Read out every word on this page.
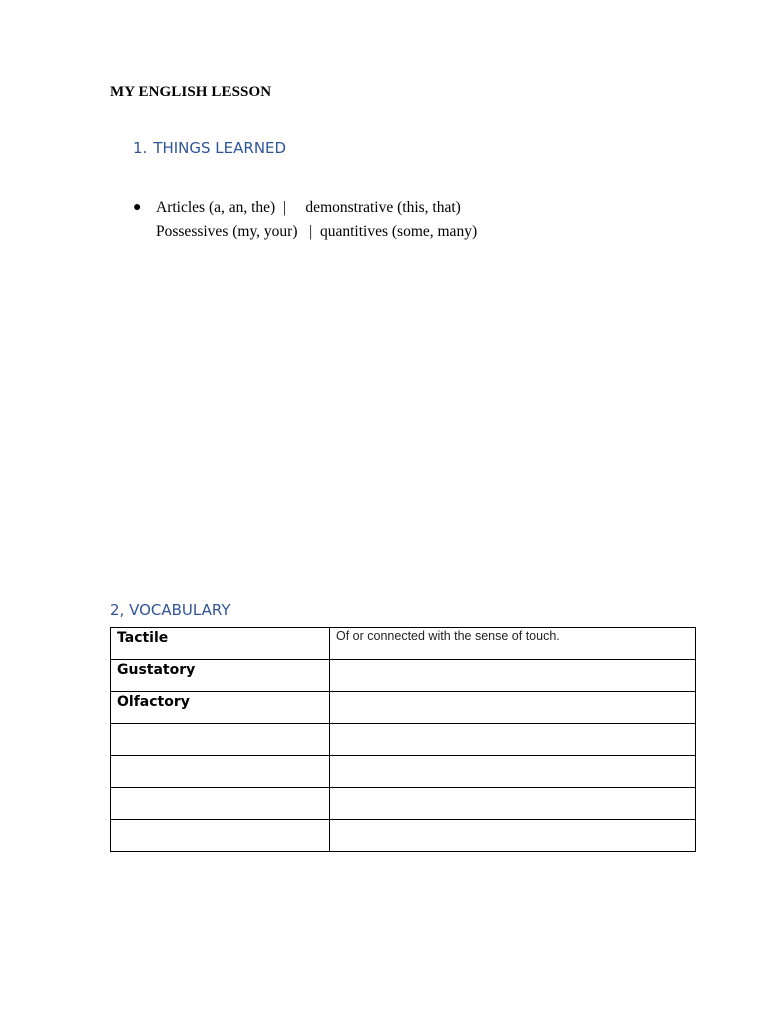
MY ENGLISH LESSON
1. THINGS LEARNED
● Articles (a, an, the)  |     demonstrative (this, that)
Possessives (my, your)   |  quantitives (some, many)
2, VOCABULARY
Tactile	Of or connected with the sense of touch.

Gustatory	

Olfactory	
